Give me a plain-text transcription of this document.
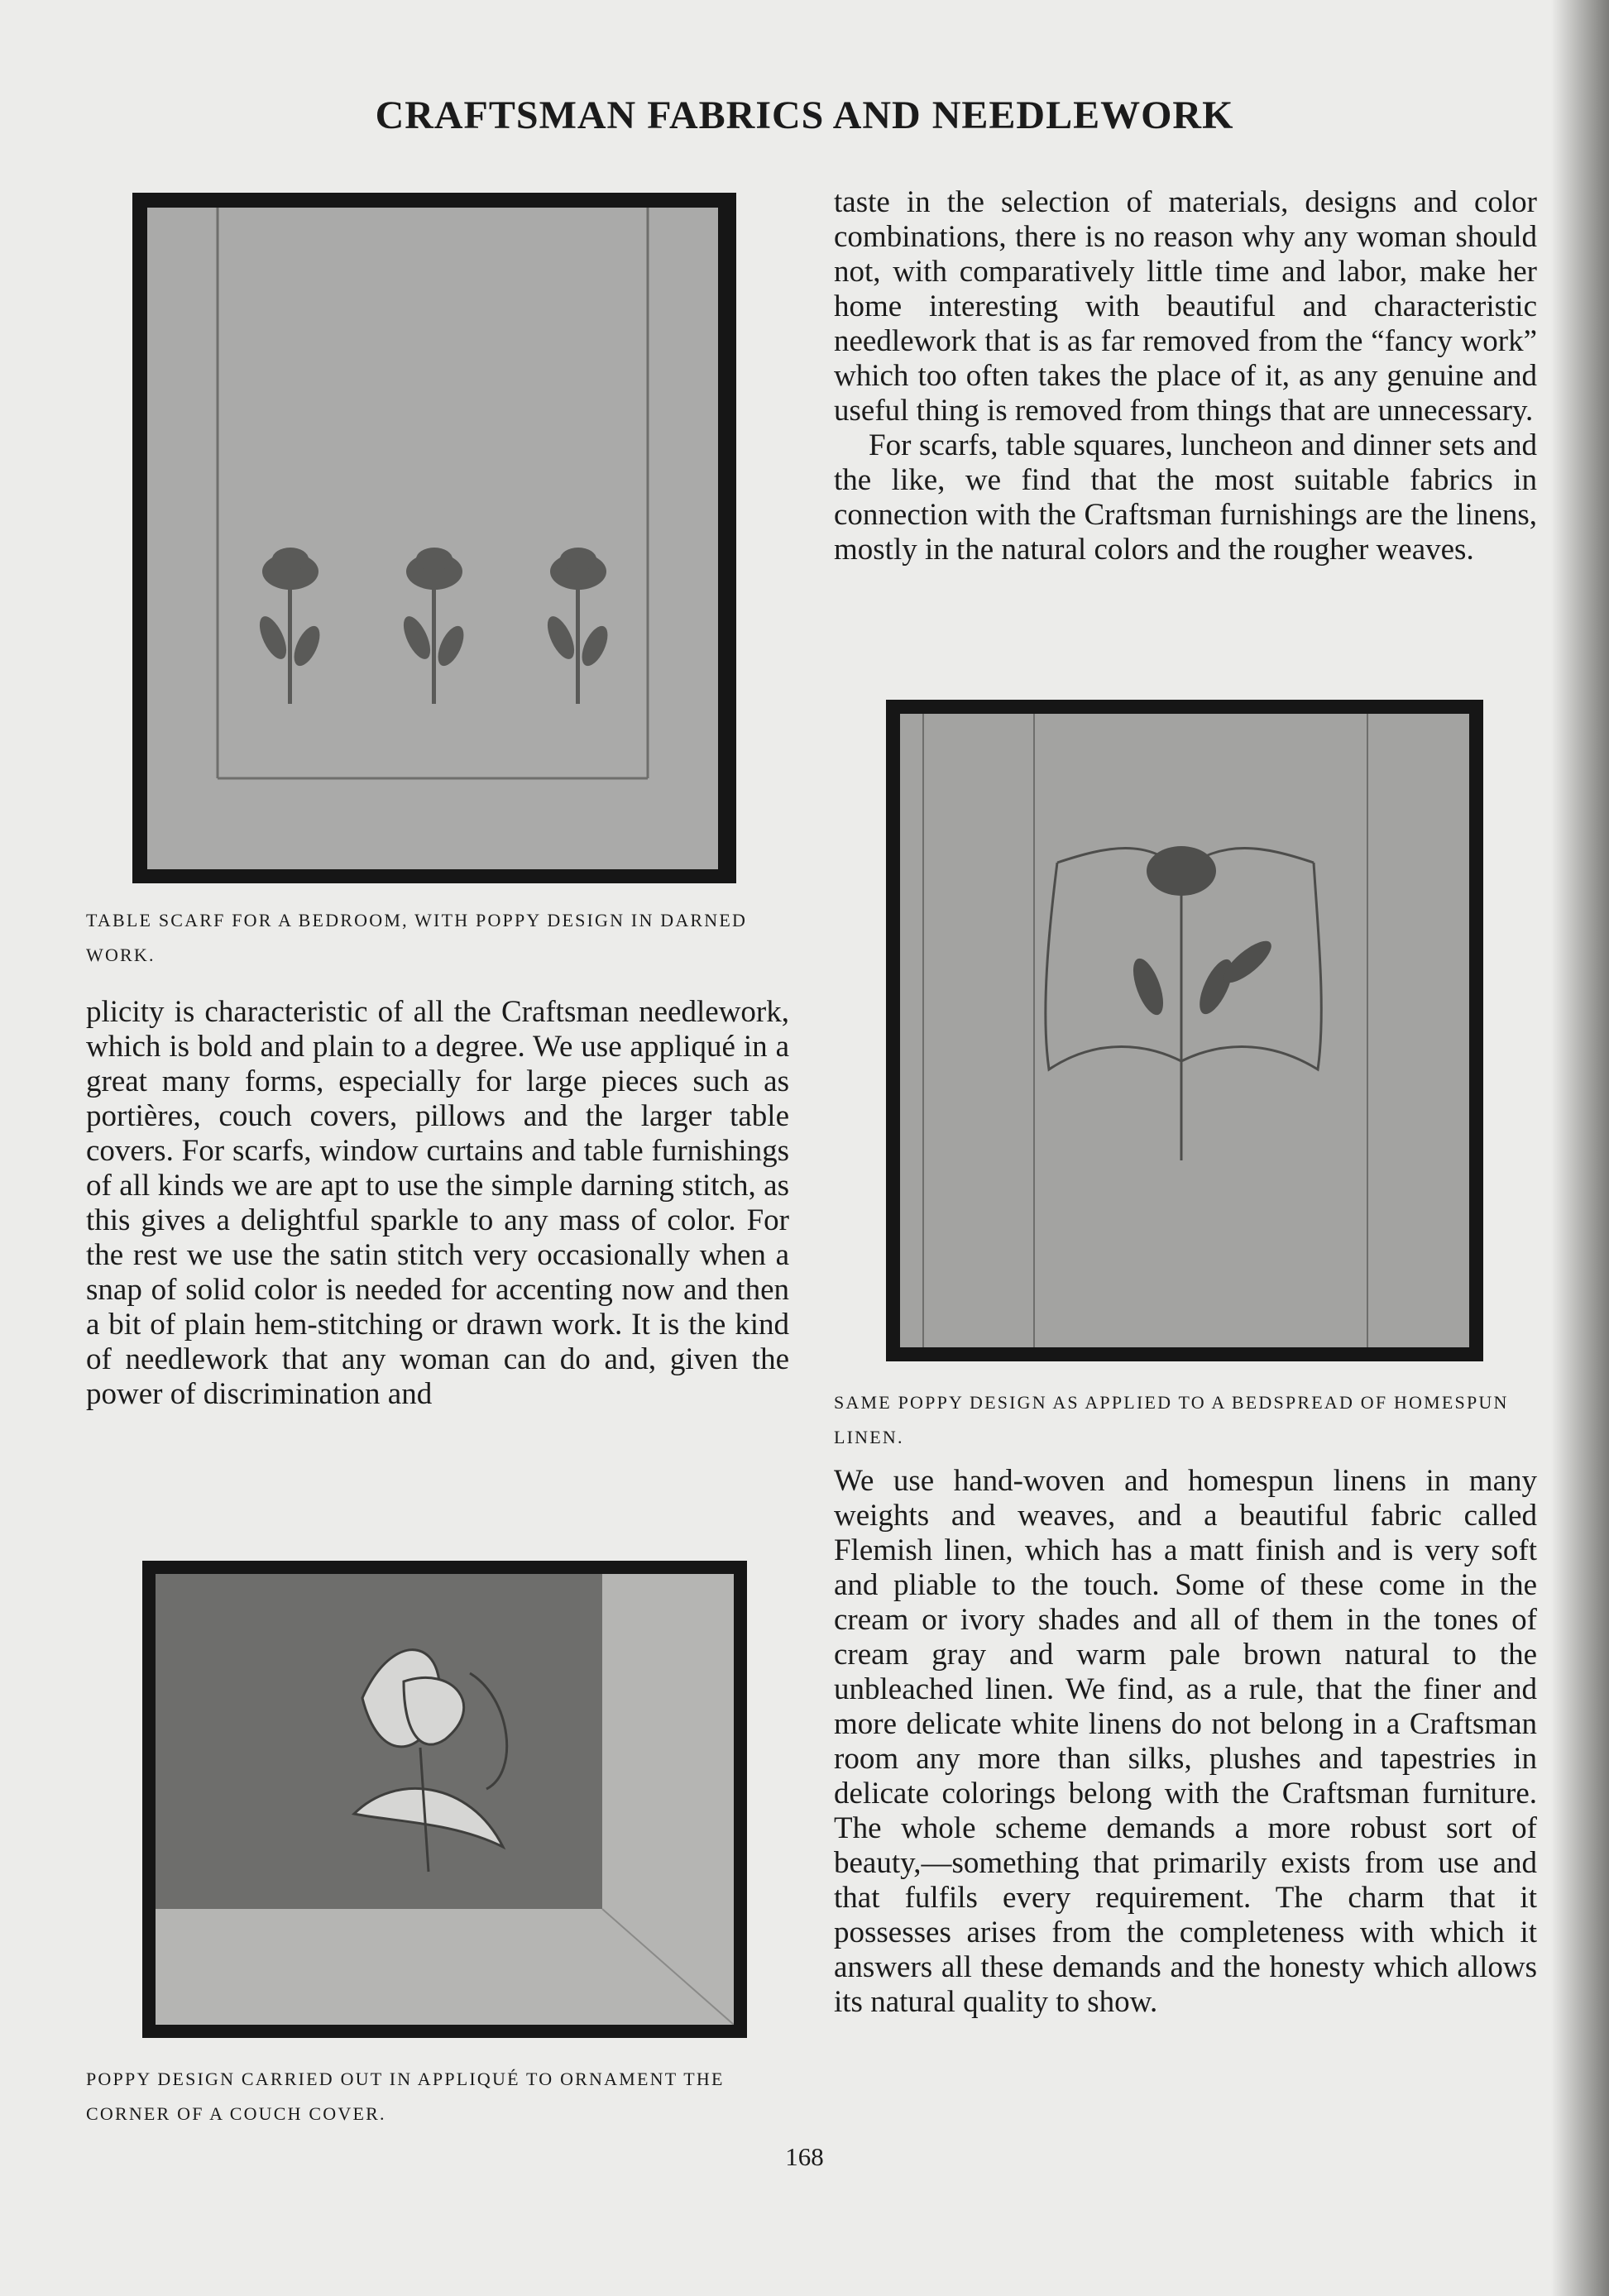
CRAFTSMAN FABRICS AND NEEDLEWORK

TABLE SCARF FOR A BEDROOM, WITH POPPY DESIGN IN DARNED WORK.

plicity is characteristic of all the Craftsman needlework, which is bold and plain to a degree. We use appliqué in a great many forms, especially for large pieces such as portières, couch covers, pillows and the larger table covers. For scarfs, window curtains and table furnishings of all kinds we are apt to use the simple darning stitch, as this gives a delightful sparkle to any mass of color. For the rest we use the satin stitch very occasionally when a snap of solid color is needed for accenting now and then a bit of plain hem-stitching or drawn work. It is the kind of needlework that any woman can do and, given the power of discrimination and

POPPY DESIGN CARRIED OUT IN APPLIQUÉ TO ORNAMENT THE CORNER OF A COUCH COVER.

taste in the selection of materials, designs and color combinations, there is no reason why any woman should not, with comparatively little time and labor, make her home interesting with beautiful and characteristic needlework that is as far removed from the “fancy work” which too often takes the place of it, as any genuine and useful thing is removed from things that are unnecessary.

For scarfs, table squares, luncheon and dinner sets and the like, we find that the most suitable fabrics in connection with the Craftsman furnishings are the linens, mostly in the natural colors and the rougher weaves.

SAME POPPY DESIGN AS APPLIED TO A BEDSPREAD OF HOMESPUN LINEN.

We use hand-woven and homespun linens in many weights and weaves, and a beautiful fabric called Flemish linen, which has a matt finish and is very soft and pliable to the touch. Some of these come in the cream or ivory shades and all of them in the tones of cream gray and warm pale brown natural to the unbleached linen. We find, as a rule, that the finer and more delicate white linens do not belong in a Craftsman room any more than silks, plushes and tapestries in delicate colorings belong with the Craftsman furniture. The whole scheme demands a more robust sort of beauty,—something that primarily exists from use and that fulfils every requirement. The charm that it possesses arises from the completeness with which it answers all these demands and the honesty which allows its natural quality to show.

168
